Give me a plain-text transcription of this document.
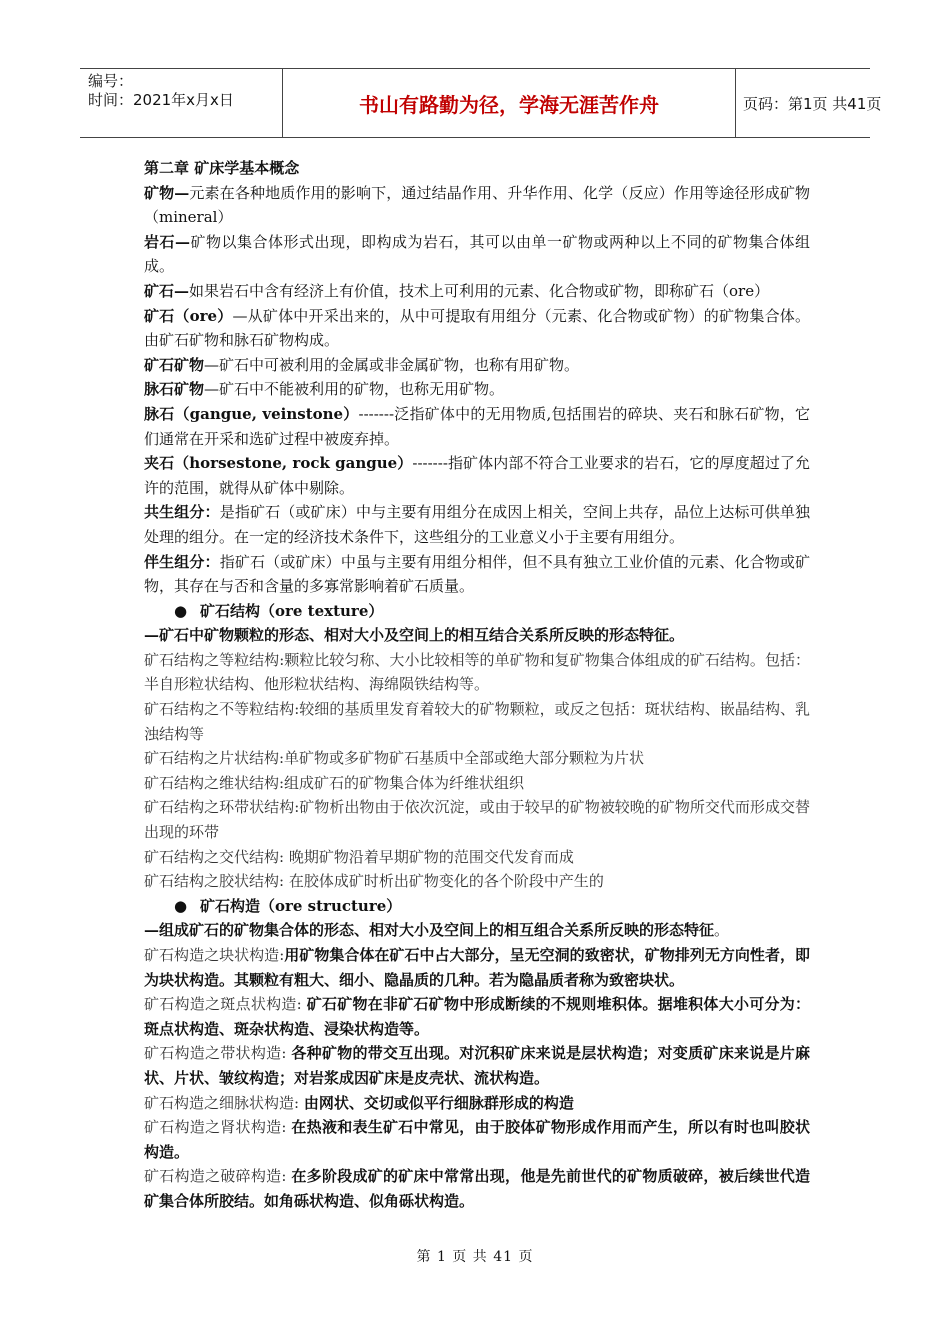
编号：
时间：2021年x月x日	书山有路勤为径，学海无涯苦作舟	页码：第1页 共41页

第二章 矿床学基本概念

矿物—元素在各种地质作用的影响下，通过结晶作用、升华作用、化学（反应）作用等途径形成矿物（mineral）

岩石—矿物以集合体形式出现，即构成为岩石，其可以由单一矿物或两种以上不同的矿物集合体组成。

矿石—如果岩石中含有经济上有价值，技术上可利用的元素、化合物或矿物，即称矿石（ore）

矿石（ore）—从矿体中开采出来的，从中可提取有用组分（元素、化合物或矿物）的矿物集合体。由矿石矿物和脉石矿物构成。

矿石矿物—矿石中可被利用的金属或非金属矿物，也称有用矿物。

脉石矿物—矿石中不能被利用的矿物，也称无用矿物。

脉石（gangue, veinstone）-------泛指矿体中的无用物质,包括围岩的碎块、夹石和脉石矿物，它们通常在开采和选矿过程中被废弃掉。

夹石（horsestone, rock gangue）-------指矿体内部不符合工业要求的岩石，它的厚度超过了允许的范围，就得从矿体中剔除。

共生组分：是指矿石（或矿床）中与主要有用组分在成因上相关，空间上共存，品位上达标可供单独处理的组分。在一定的经济技术条件下，这些组分的工业意义小于主要有用组分。

伴生组分：指矿石（或矿床）中虽与主要有用组分相伴，但不具有独立工业价值的元素、化合物或矿物，其存在与否和含量的多寡常影响着矿石质量。

● 矿石结构（ore texture）

—矿石中矿物颗粒的形态、相对大小及空间上的相互结合关系所反映的形态特征。

矿石结构之等粒结构:颗粒比较匀称、大小比较相等的单矿物和复矿物集合体组成的矿石结构。包括：半自形粒状结构、他形粒状结构、海绵陨铁结构等。

矿石结构之不等粒结构:较细的基质里发育着较大的矿物颗粒，或反之包括：斑状结构、嵌晶结构、乳浊结构等

矿石结构之片状结构:单矿物或多矿物矿石基质中全部或绝大部分颗粒为片状

矿石结构之维状结构:组成矿石的矿物集合体为纤维状组织

矿石结构之环带状结构:矿物析出物由于依次沉淀，或由于较早的矿物被较晚的矿物所交代而形成交替出现的环带

矿石结构之交代结构: 晚期矿物沿着早期矿物的范围交代发育而成

矿石结构之胶状结构: 在胶体成矿时析出矿物变化的各个阶段中产生的

● 矿石构造（ore structure）

—组成矿石的矿物集合体的形态、相对大小及空间上的相互组合关系所反映的形态特征。

矿石构造之块状构造:用矿物集合体在矿石中占大部分，呈无空洞的致密状，矿物排列无方向性者，即为块状构造。其颗粒有粗大、细小、隐晶质的几种。若为隐晶质者称为致密块状。

矿石构造之斑点状构造: 矿石矿物在非矿石矿物中形成断续的不规则堆积体。据堆积体大小可分为：斑点状构造、斑杂状构造、浸染状构造等。

矿石构造之带状构造: 各种矿物的带交互出现。对沉积矿床来说是层状构造；对变质矿床来说是片麻状、片状、皱纹构造；对岩浆成因矿床是皮壳状、流状构造。

矿石构造之细脉状构造: 由网状、交切或似平行细脉群形成的构造

矿石构造之肾状构造: 在热液和表生矿石中常见，由于胶体矿物形成作用而产生，所以有时也叫胶状构造。

矿石构造之破碎构造: 在多阶段成矿的矿床中常常出现，他是先前世代的矿物质破碎，被后续世代造矿集合体所胶结。如角砾状构造、似角砾状构造。

第 1 页 共 41 页
